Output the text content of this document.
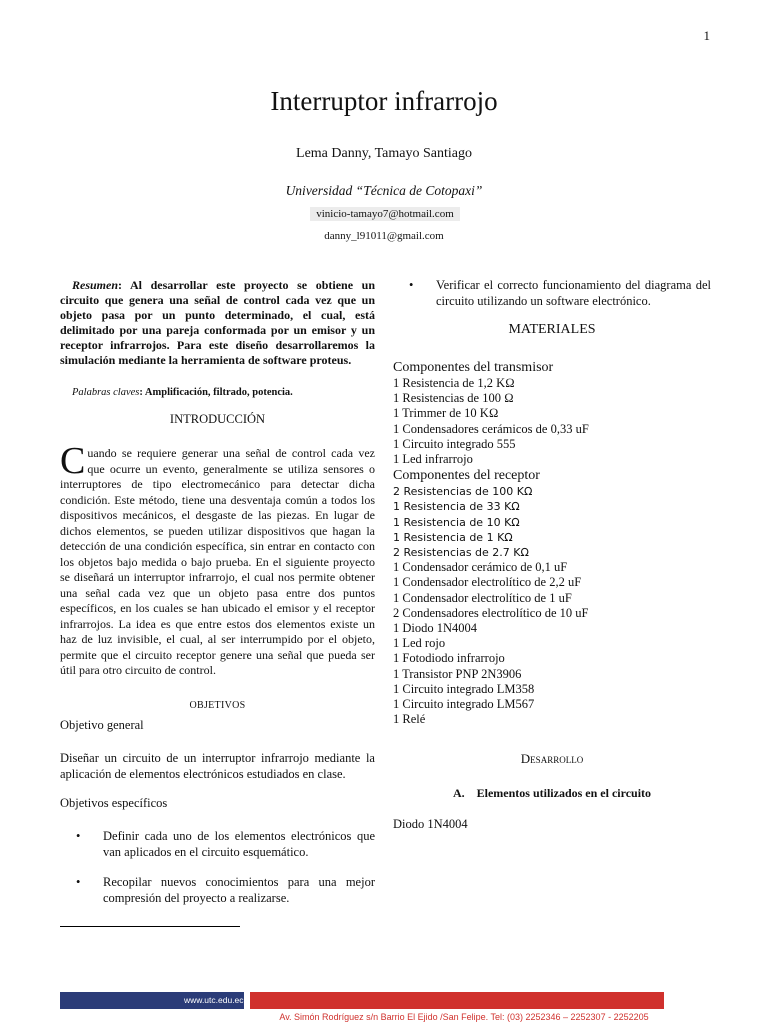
1
Interruptor infrarrojo
Lema Danny, Tamayo Santiago
Universidad “Técnica de Cotopaxi”
vinicio-tamayo7@hotmail.com
danny_l91011@gmail.com
Resumen: Al desarrollar este proyecto se obtiene un circuito que genera una señal de control cada vez que un objeto pasa por un punto determinado, el cual, está delimitado por una pareja conformada por un emisor y un receptor infrarrojos. Para este diseño desarrollaremos la simulación mediante la herramienta de software proteus.
Palabras claves: Amplificación, filtrado, potencia.
INTRODUCCIÓN
Cuando se requiere generar una señal de control cada vez que ocurre un evento, generalmente se utiliza sensores o interruptores de tipo electromecánico para detectar dicha condición. Este método, tiene una desventaja común a todos los dispositivos mecánicos, el desgaste de las piezas. En lugar de dichos elementos, se pueden utilizar dispositivos que hagan la detección de una condición específica, sin entrar en contacto con los objetos bajo medida o bajo prueba. En el siguiente proyecto se diseñará un interruptor infrarrojo, el cual nos permite obtener una señal cada vez que un objeto pasa entre dos puntos específicos, en los cuales se han ubicado el emisor y el receptor infrarrojos. La idea es que entre estos dos elementos existe un haz de luz invisible, el cual, al ser interrumpido por el objeto, permite que el circuito receptor genere una señal que pueda ser útil para otro circuito de control.
OBJETIVOS
Objetivo general
Diseñar un circuito de un interruptor infrarrojo mediante la aplicación de elementos electrónicos estudiados en clase.
Objetivos específicos
• Definir cada uno de los elementos electrónicos que van aplicados en el circuito esquemático.
• Recopilar nuevos conocimientos para una mejor compresión del proyecto a realizarse.
• Verificar el correcto funcionamiento del diagrama del circuito utilizando un software electrónico.
MATERIALES
Componentes del transmisor
1 Resistencia de 1,2 KΩ
1 Resistencias de 100 Ω
1 Trimmer de 10 KΩ
1 Condensadores cerámicos de 0,33 uF
1 Circuito integrado 555
1 Led infrarrojo
Componentes del receptor
2 Resistencias de 100 KΩ
1 Resistencia de 33 KΩ
1 Resistencia de 10 KΩ
1 Resistencia de 1 KΩ
2 Resistencias de 2.7 KΩ
1 Condensador cerámico de 0,1 uF
1 Condensador electrolítico de 2,2 uF
1 Condensador electrolítico de 1 uF
2 Condensadores electrolítico de 10 uF
1 Diodo 1N4004
1 Led rojo
1 Fotodiodo infrarrojo
1 Transistor PNP 2N3906
1 Circuito integrado LM358
1 Circuito integrado LM567
1 Relé
Desarrollo
A. Elementos utilizados en el circuito
Diodo 1N4004
www.utc.edu.ec
Av. Simón Rodríguez s/n Barrio El Ejido /San Felipe. Tel: (03) 2252346 – 2252307 - 2252205
